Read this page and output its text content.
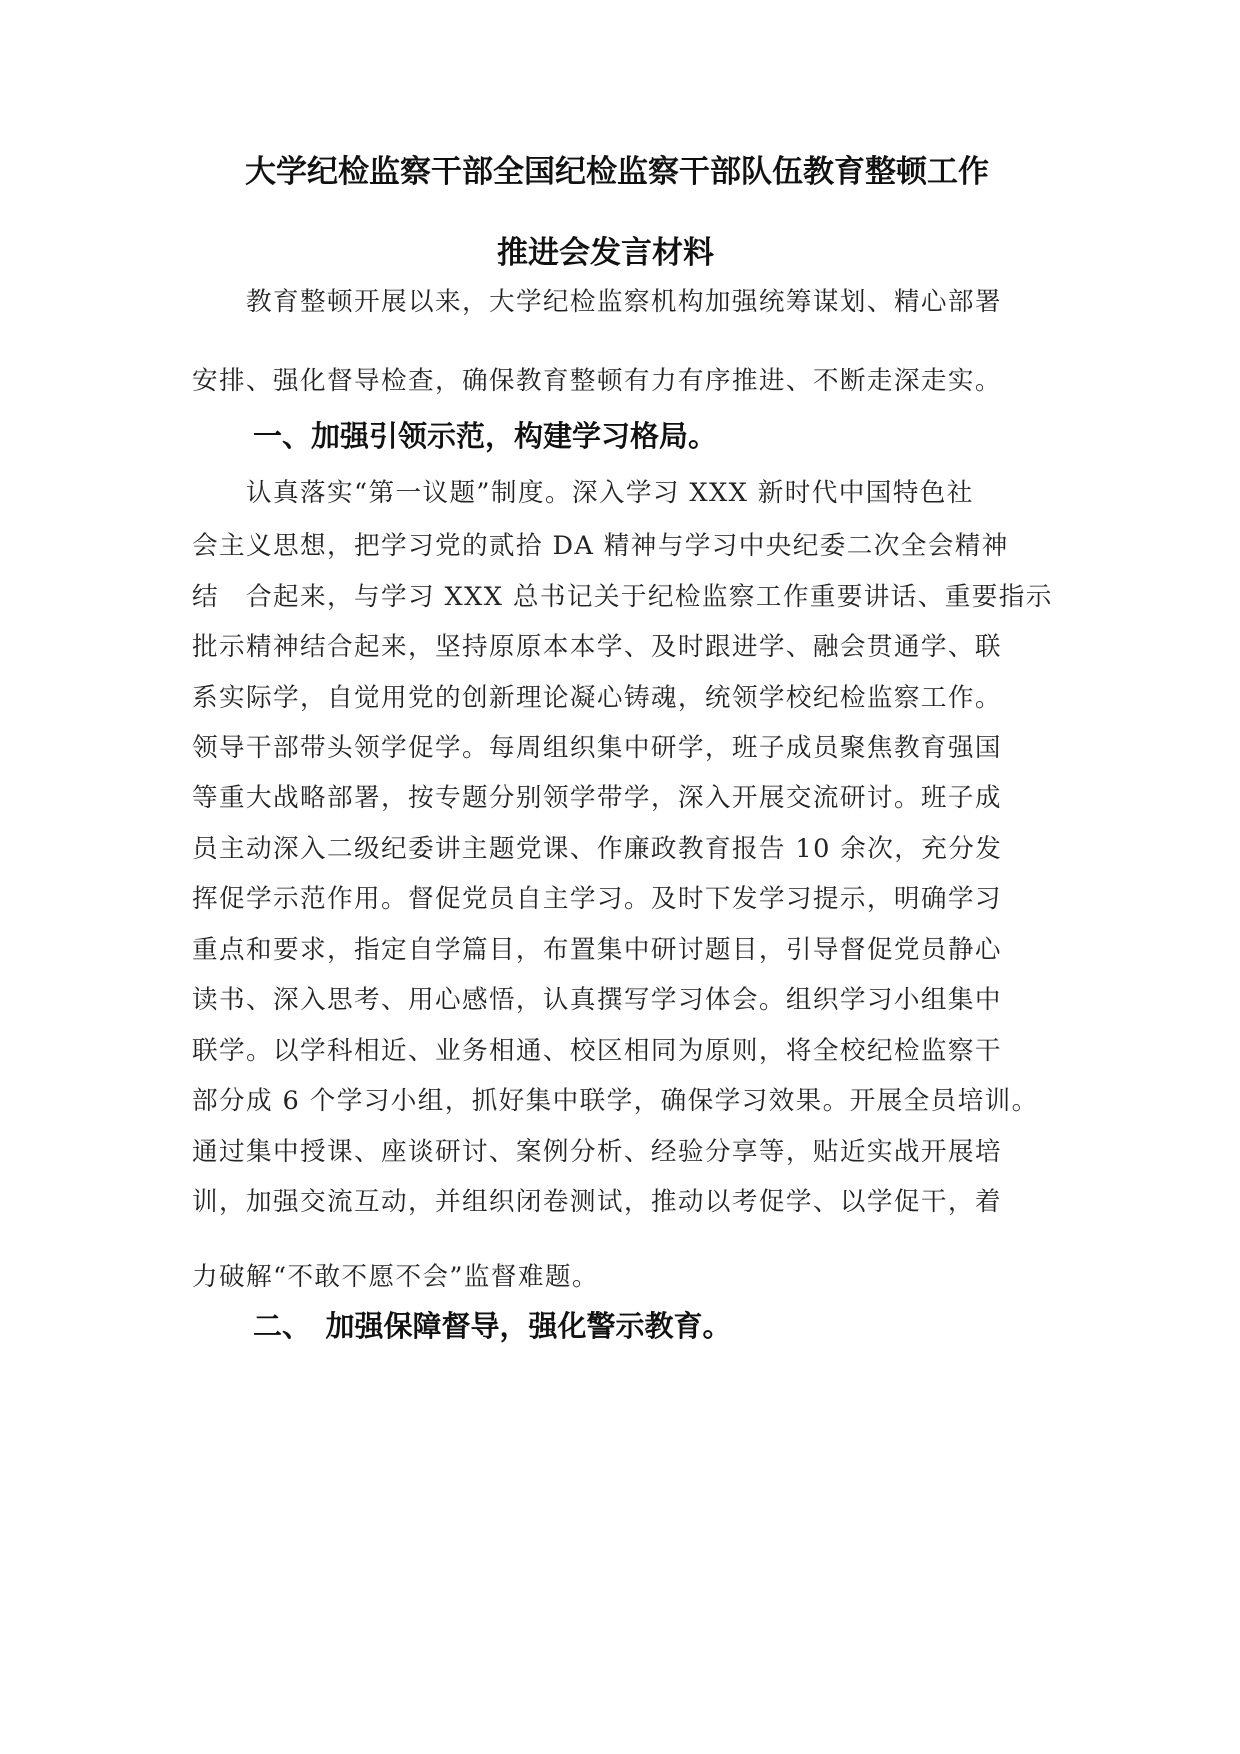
大学纪检监察干部全国纪检监察干部队伍教育整顿工作
推进会发言材料
教育整顿开展以来，大学纪检监察机构加强统筹谋划、精心部署
安排、强化督导检查，确保教育整顿有力有序推进、不断走深走实。
一、加强引领示范，构建学习格局。
认真落实“第一议题”制度。深入学习 XXX 新时代中国特色社
会主义思想，把学习党的贰拾 DA 精神与学习中央纪委二次全会精神
结　合起来，与学习 XXX 总书记关于纪检监察工作重要讲话、重要指示
批示精神结合起来，坚持原原本本学、及时跟进学、融会贯通学、联
系实际学，自觉用党的创新理论凝心铸魂，统领学校纪检监察工作。
领导干部带头领学促学。每周组织集中研学，班子成员聚焦教育强国
等重大战略部署，按专题分别领学带学，深入开展交流研讨。班子成
员主动深入二级纪委讲主题党课、作廉政教育报告 10 余次，充分发
挥促学示范作用。督促党员自主学习。及时下发学习提示，明确学习
重点和要求，指定自学篇目，布置集中研讨题目，引导督促党员静心
读书、深入思考、用心感悟，认真撰写学习体会。组织学习小组集中
联学。以学科相近、业务相通、校区相同为原则，将全校纪检监察干
部分成 6 个学习小组，抓好集中联学，确保学习效果。开展全员培训。
通过集中授课、座谈研讨、案例分析、经验分享等，贴近实战开展培
训，加强交流互动，并组织闭卷测试，推动以考促学、以学促干，着
力破解“不敢不愿不会”监督难题。
二、　加强保障督导，强化警示教育。
